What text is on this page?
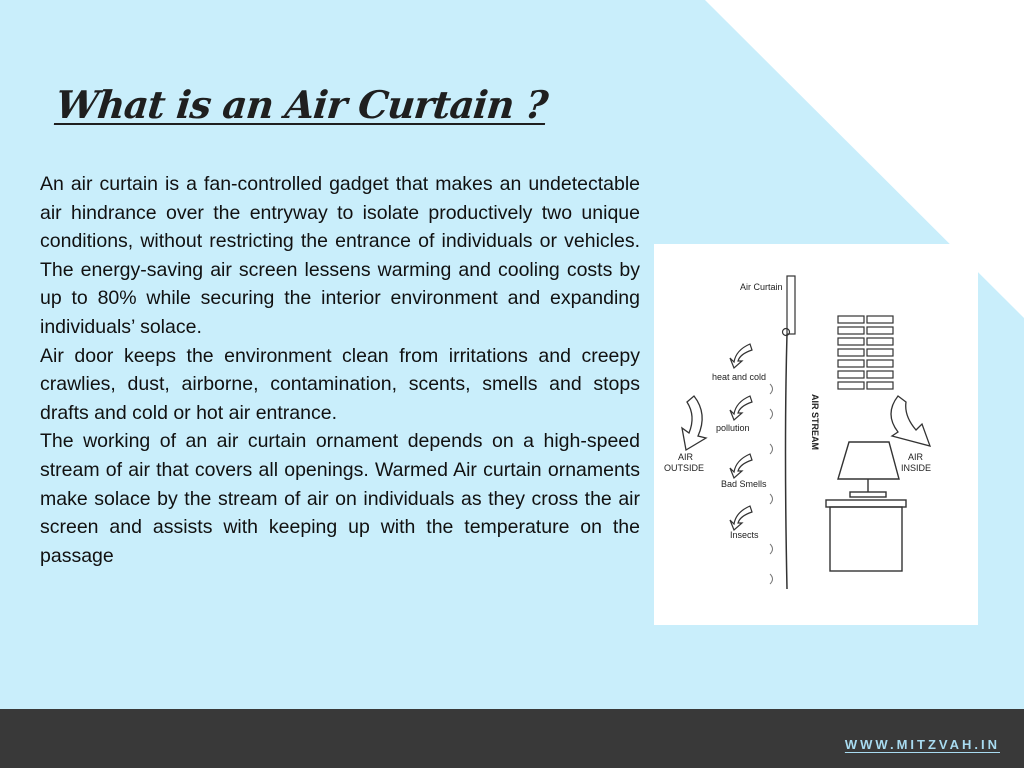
What is an Air Curtain ?

An air curtain is a fan-controlled gadget that makes an undetectable air hindrance over the entryway to isolate productively two unique conditions, without restricting the entrance of individuals or vehicles. The energy-saving air screen lessens warming and cooling costs by up to 80% while securing the interior environment and expanding individuals’ solace.

Air door keeps the environment clean from irritations and creepy crawlies, dust, airborne, contamination, scents, smells and stops drafts and cold or hot air entrance.

The working of an air curtain ornament depends on a high-speed stream of air that covers all openings. Warmed Air curtain ornaments make solace by the stream of air on individuals as they cross the air screen and assists with keeping up with the temperature on the passage

Air Curtain
AIR STREAM
heat and cold
pollution
Bad Smells
Insects
AIR
OUTSIDE
AIR
INSIDE
WWW.MITZVAH.IN
